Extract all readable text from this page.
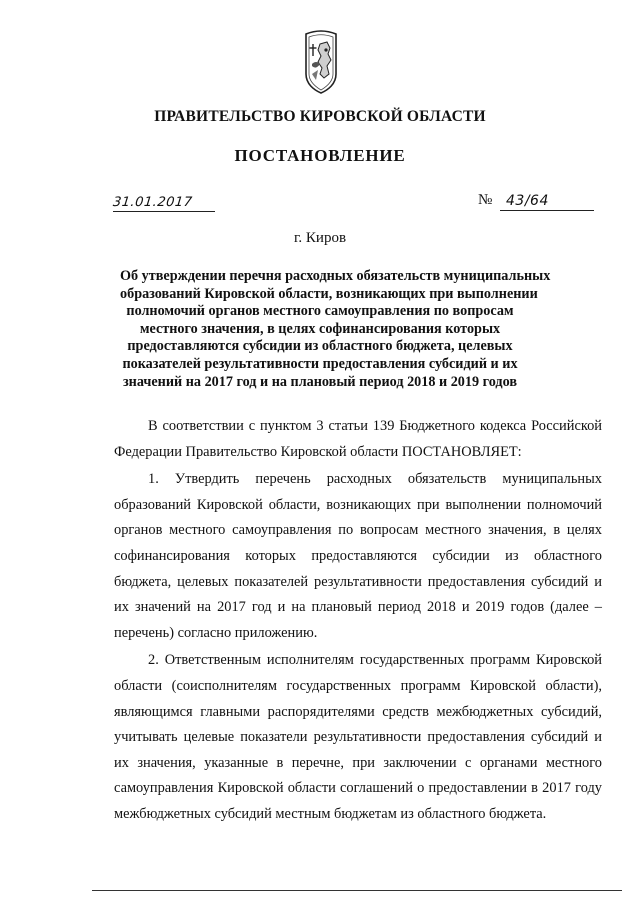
ПРАВИТЕЛЬСТВО КИРОВСКОЙ ОБЛАСТИ
ПОСТАНОВЛЕНИЕ
31.01.2017	№ 43/64
г. Киров
Об утверждении перечня расходных обязательств муниципальных
образований Кировской области, возникающих при выполнении
полномочий органов местного самоуправления по вопросам
местного значения, в целях софинансирования которых
предоставляются субсидии из областного бюджета, целевых
показателей результативности предоставления субсидий и их
значений на 2017 год и на плановый период 2018 и 2019 годов

В соответствии с пунктом 3 статьи 139 Бюджетного кодекса Российской Федерации Правительство Кировской области ПОСТАНОВЛЯЕТ:

1. Утвердить перечень расходных обязательств муниципальных образований Кировской области, возникающих при выполнении полномочий органов местного самоуправления по вопросам местного значения, в целях софинансирования которых предоставляются субсидии из областного бюджета, целевых показателей результативности предоставления субсидий и их значений на 2017 год и на плановый период 2018 и 2019 годов (далее – перечень) согласно приложению.

2. Ответственным исполнителям государственных программ Кировской области (соисполнителям государственных программ Кировской области), являющимся главными распорядителями средств межбюджетных субсидий, учитывать целевые показатели результативности предоставления субсидий и их значения, указанные в перечне, при заключении с органами местного самоуправления Кировской области соглашений о предоставлении в 2017 году межбюджетных субсидий местным бюджетам из областного бюджета.
